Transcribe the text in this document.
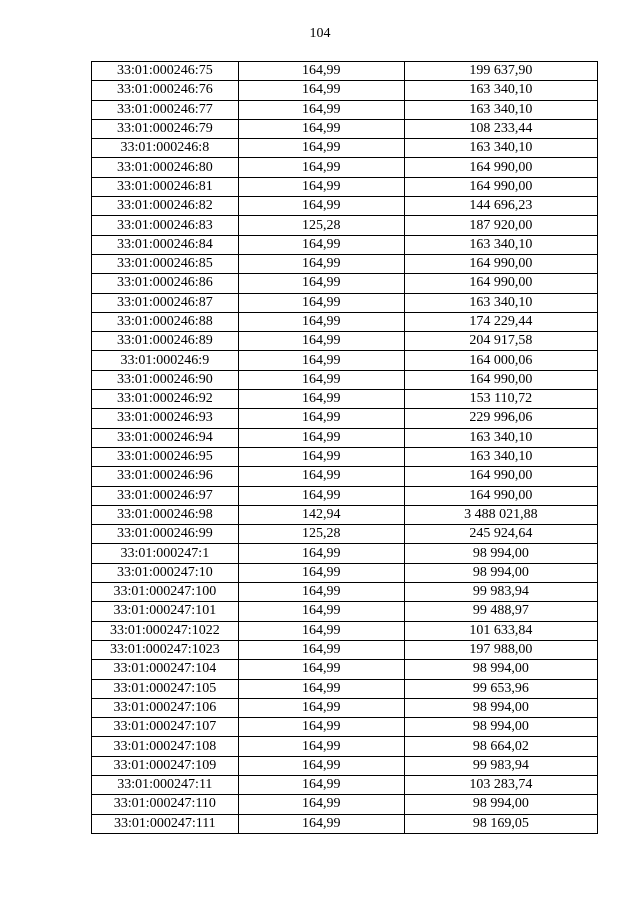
104
33:01:000246:75	164,99	199 637,90
33:01:000246:76	164,99	163 340,10
33:01:000246:77	164,99	163 340,10
33:01:000246:79	164,99	108 233,44
33:01:000246:8	164,99	163 340,10
33:01:000246:80	164,99	164 990,00
33:01:000246:81	164,99	164 990,00
33:01:000246:82	164,99	144 696,23
33:01:000246:83	125,28	187 920,00
33:01:000246:84	164,99	163 340,10
33:01:000246:85	164,99	164 990,00
33:01:000246:86	164,99	164 990,00
33:01:000246:87	164,99	163 340,10
33:01:000246:88	164,99	174 229,44
33:01:000246:89	164,99	204 917,58
33:01:000246:9	164,99	164 000,06
33:01:000246:90	164,99	164 990,00
33:01:000246:92	164,99	153 110,72
33:01:000246:93	164,99	229 996,06
33:01:000246:94	164,99	163 340,10
33:01:000246:95	164,99	163 340,10
33:01:000246:96	164,99	164 990,00
33:01:000246:97	164,99	164 990,00
33:01:000246:98	142,94	3 488 021,88
33:01:000246:99	125,28	245 924,64
33:01:000247:1	164,99	98 994,00
33:01:000247:10	164,99	98 994,00
33:01:000247:100	164,99	99 983,94
33:01:000247:101	164,99	99 488,97
33:01:000247:1022	164,99	101 633,84
33:01:000247:1023	164,99	197 988,00
33:01:000247:104	164,99	98 994,00
33:01:000247:105	164,99	99 653,96
33:01:000247:106	164,99	98 994,00
33:01:000247:107	164,99	98 994,00
33:01:000247:108	164,99	98 664,02
33:01:000247:109	164,99	99 983,94
33:01:000247:11	164,99	103 283,74
33:01:000247:110	164,99	98 994,00
33:01:000247:111	164,99	98 169,05
